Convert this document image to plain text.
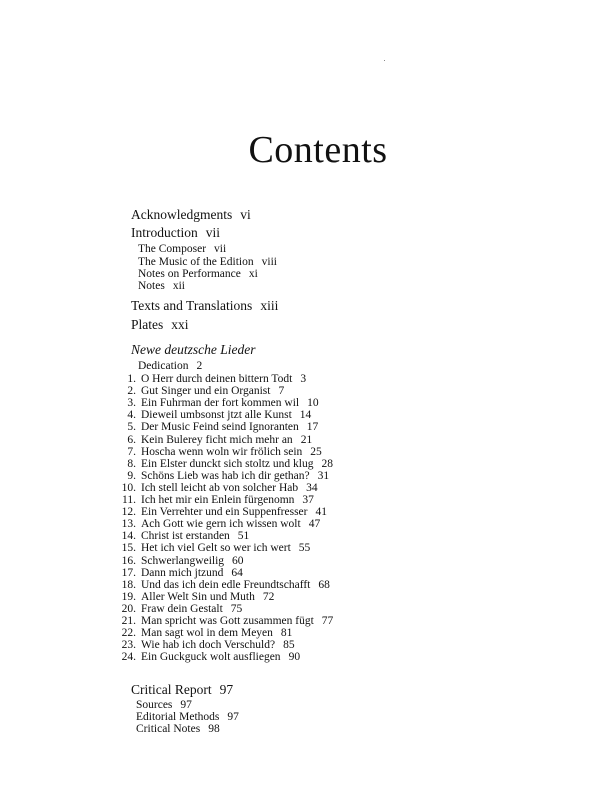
Contents
Acknowledgments vi
Introduction vii
The Composer vii
The Music of the Edition viii
Notes on Performance xi
Notes xii
Texts and Translations xiii
Plates xxi
Newe deutzsche Lieder
Dedication 2
1. O Herr durch deinen bittern Todt 3
2. Gut Singer und ein Organist 7
3. Ein Fuhrman der fort kommen wil 10
4. Dieweil umbsonst jtzt alle Kunst 14
5. Der Music Feind seind Ignoranten 17
6. Kein Bulerey ficht mich mehr an 21
7. Hoscha wenn woln wir frölich sein 25
8. Ein Elster dunckt sich stoltz und klug 28
9. Schöns Lieb was hab ich dir gethan? 31
10. Ich stell leicht ab von solcher Hab 34
11. Ich het mir ein Enlein fürgenomn 37
12. Ein Verrehter und ein Suppenfresser 41
13. Ach Gott wie gern ich wissen wolt 47
14. Christ ist erstanden 51
15. Het ich viel Gelt so wer ich wert 55
16. Schwerlangweilig 60
17. Dann mich jtzund 64
18. Und das ich dein edle Freundtschafft 68
19. Aller Welt Sin und Muth 72
20. Fraw dein Gestalt 75
21. Man spricht was Gott zusammen fügt 77
22. Man sagt wol in dem Meyen 81
23. Wie hab ich doch Verschuld? 85
24. Ein Guckguck wolt ausfliegen 90
Critical Report 97
Sources 97
Editorial Methods 97
Critical Notes 98
